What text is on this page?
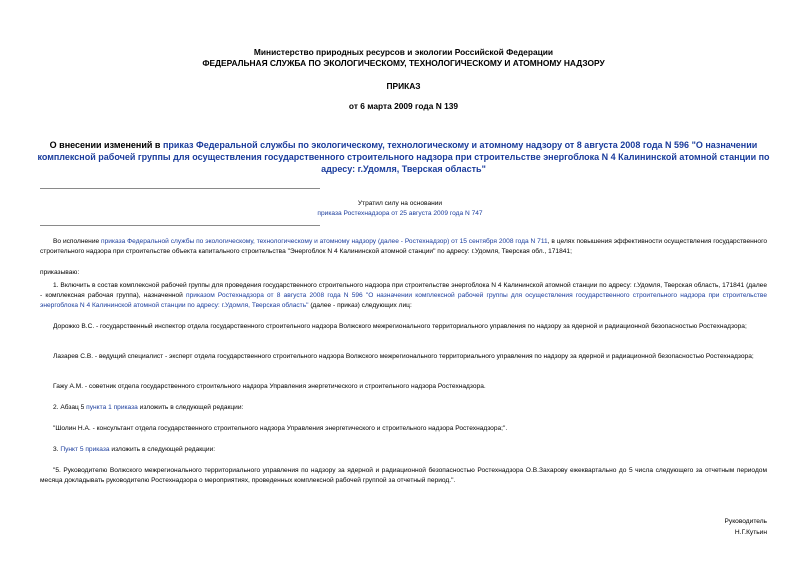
Министерство природных ресурсов и экологии Российской Федерации
ФЕДЕРАЛЬНАЯ СЛУЖБА ПО ЭКОЛОГИЧЕСКОМУ, ТЕХНОЛОГИЧЕСКОМУ И АТОМНОМУ НАДЗОРУ
ПРИКАЗ
от 6 марта 2009 года N 139
О внесении изменений в приказ Федеральной службы по экологическому, технологическому и атомному надзору от 8 августа 2008 года N 596 "О назначении комплексной рабочей группы для осуществления государственного строительного надзора при строительстве энергоблока N 4 Калининской атомной станции по адресу: г.Удомля, Тверская область"
Утратил силу на основании
приказа Ростехнадзора от 25 августа 2009 года N 747
Во исполнение приказа Федеральной службы по экологическому, технологическому и атомному надзору (далее - Ростехнадзор) от 15 сентября 2008 года N 711, в целях повышения эффективности осуществления государственного строительного надзора при строительстве объекта капитального строительства "Энергоблок N 4 Калининской атомной станции" по адресу: г.Удомля, Тверская обл., 171841;
приказываю:
1. Включить в состав комплексной рабочей группы для проведения государственного строительного надзора при строительстве энергоблока N 4 Калининской атомной станции по адресу: г.Удомля, Тверская область, 171841 (далее - комплексная рабочая группа), назначенной приказом Ростехнадзора от 8 августа 2008 года N 596 "О назначении комплексной рабочей группы для осуществления государственного строительного надзора при строительстве энергоблока N 4 Калининской атомной станции по адресу: г.Удомля, Тверская область" (далее - приказ) следующих лиц:
Дорожко В.С. - государственный инспектор отдела государственного строительного надзора Волжского межрегионального территориального управления по надзору за ядерной и радиационной безопасностью Ростехнадзора;
Лазарев С.В. - ведущий специалист - эксперт отдела государственного строительного надзора Волжского межрегионального территориального управления по надзору за ядерной и радиационной безопасностью Ростехнадзора;
Гажу А.М. - советник отдела государственного строительного надзора Управления энергетического и строительного надзора Ростехнадзора.
2. Абзац 5 пункта 1 приказа изложить в следующей редакции:
"Шолин Н.А. - консультант отдела государственного строительного надзора Управления энергетического и строительного надзора Ростехнадзора;".
3. Пункт 5 приказа изложить в следующей редакции:
"5. Руководителю Волжского межрегионального территориального управления по надзору за ядерной и радиационной безопасностью Ростехнадзора О.В.Захарову ежеквартально до 5 числа следующего за отчетным периодом месяца докладывать руководителю Ростехнадзора о мероприятиях, проведенных комплексной рабочей группой за отчетный период.".
Руководитель
Н.Г.Кутьин
